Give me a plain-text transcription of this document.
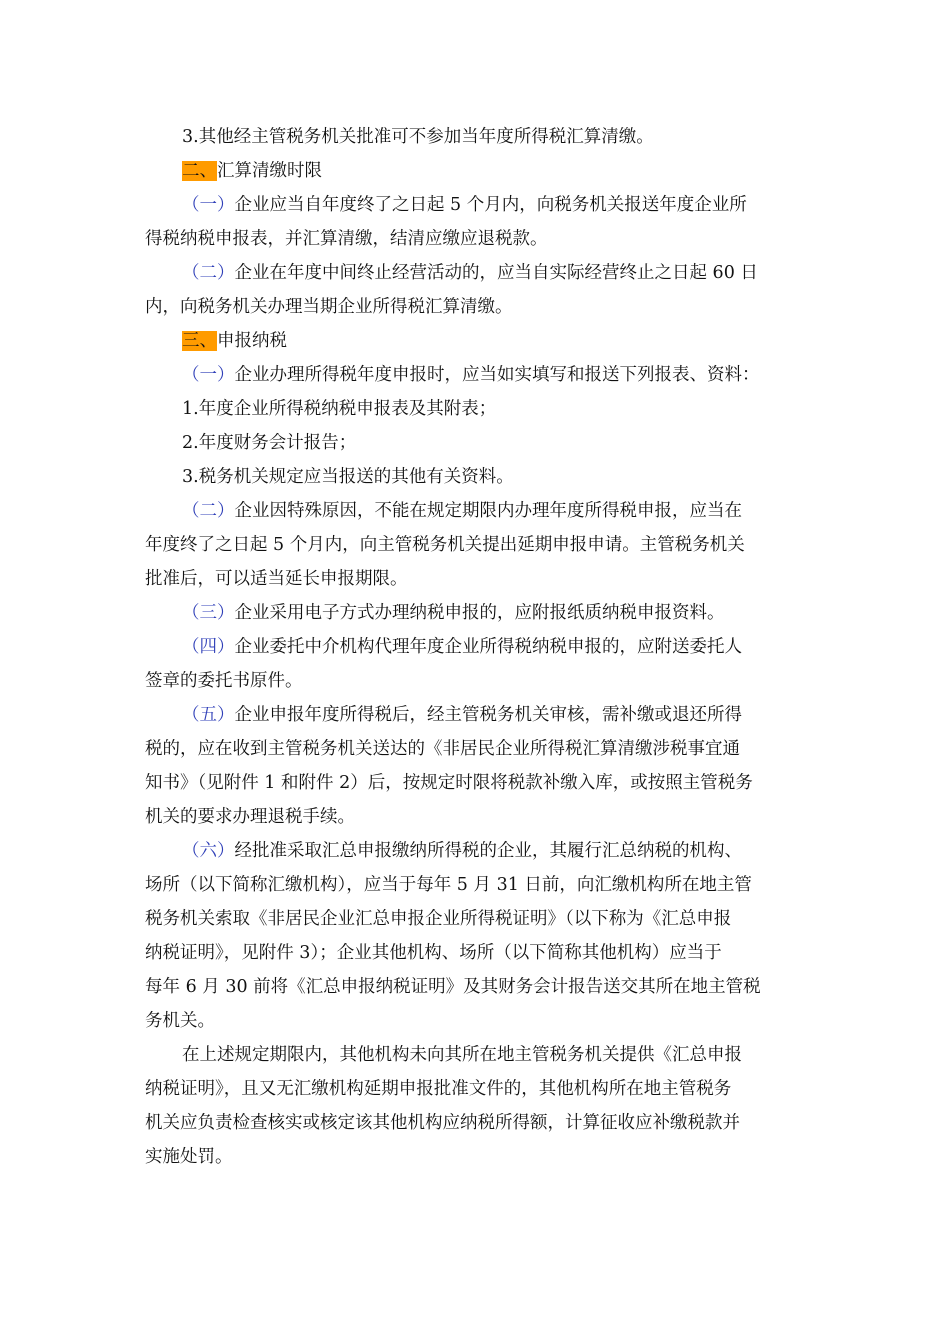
3.其他经主管税务机关批准可不参加当年度所得税汇算清缴。

二、汇算清缴时限

（一）企业应当自年度终了之日起 5 个月内，向税务机关报送年度企业所

得税纳税申报表，并汇算清缴，结清应缴应退税款。

（二）企业在年度中间终止经营活动的，应当自实际经营终止之日起 60 日

内，向税务机关办理当期企业所得税汇算清缴。

三、申报纳税

（一）企业办理所得税年度申报时，应当如实填写和报送下列报表、资料：

1.年度企业所得税纳税申报表及其附表；

2.年度财务会计报告；

3.税务机关规定应当报送的其他有关资料。

（二）企业因特殊原因，不能在规定期限内办理年度所得税申报，应当在

年度终了之日起 5 个月内，向主管税务机关提出延期申报申请。主管税务机关
批准后，可以适当延长申报期限。

（三）企业采用电子方式办理纳税申报的，应附报纸质纳税申报资料。

（四）企业委托中介机构代理年度企业所得税纳税申报的，应附送委托人

签章的委托书原件。

（五）企业申报年度所得税后，经主管税务机关审核，需补缴或退还所得

税的，应在收到主管税务机关送达的《非居民企业所得税汇算清缴涉税事宜通
知书》（见附件 1 和附件 2）后，按规定时限将税款补缴入库，或按照主管税务
机关的要求办理退税手续。

（六）经批准采取汇总申报缴纳所得税的企业，其履行汇总纳税的机构、

场所（以下简称汇缴机构），应当于每年 5 月 31 日前，向汇缴机构所在地主管
税务机关索取《非居民企业汇总申报企业所得税证明》（以下称为《汇总申报
纳税证明》，见附件 3）；企业其他机构、场所（以下简称其他机构）应当于
每年 6 月 30 前将《汇总申报纳税证明》及其财务会计报告送交其所在地主管税
务机关。

在上述规定期限内，其他机构未向其所在地主管税务机关提供《汇总申报

纳税证明》，且又无汇缴机构延期申报批准文件的，其他机构所在地主管税务
机关应负责检查核实或核定该其他机构应纳税所得额，计算征收应补缴税款并
实施处罚。
